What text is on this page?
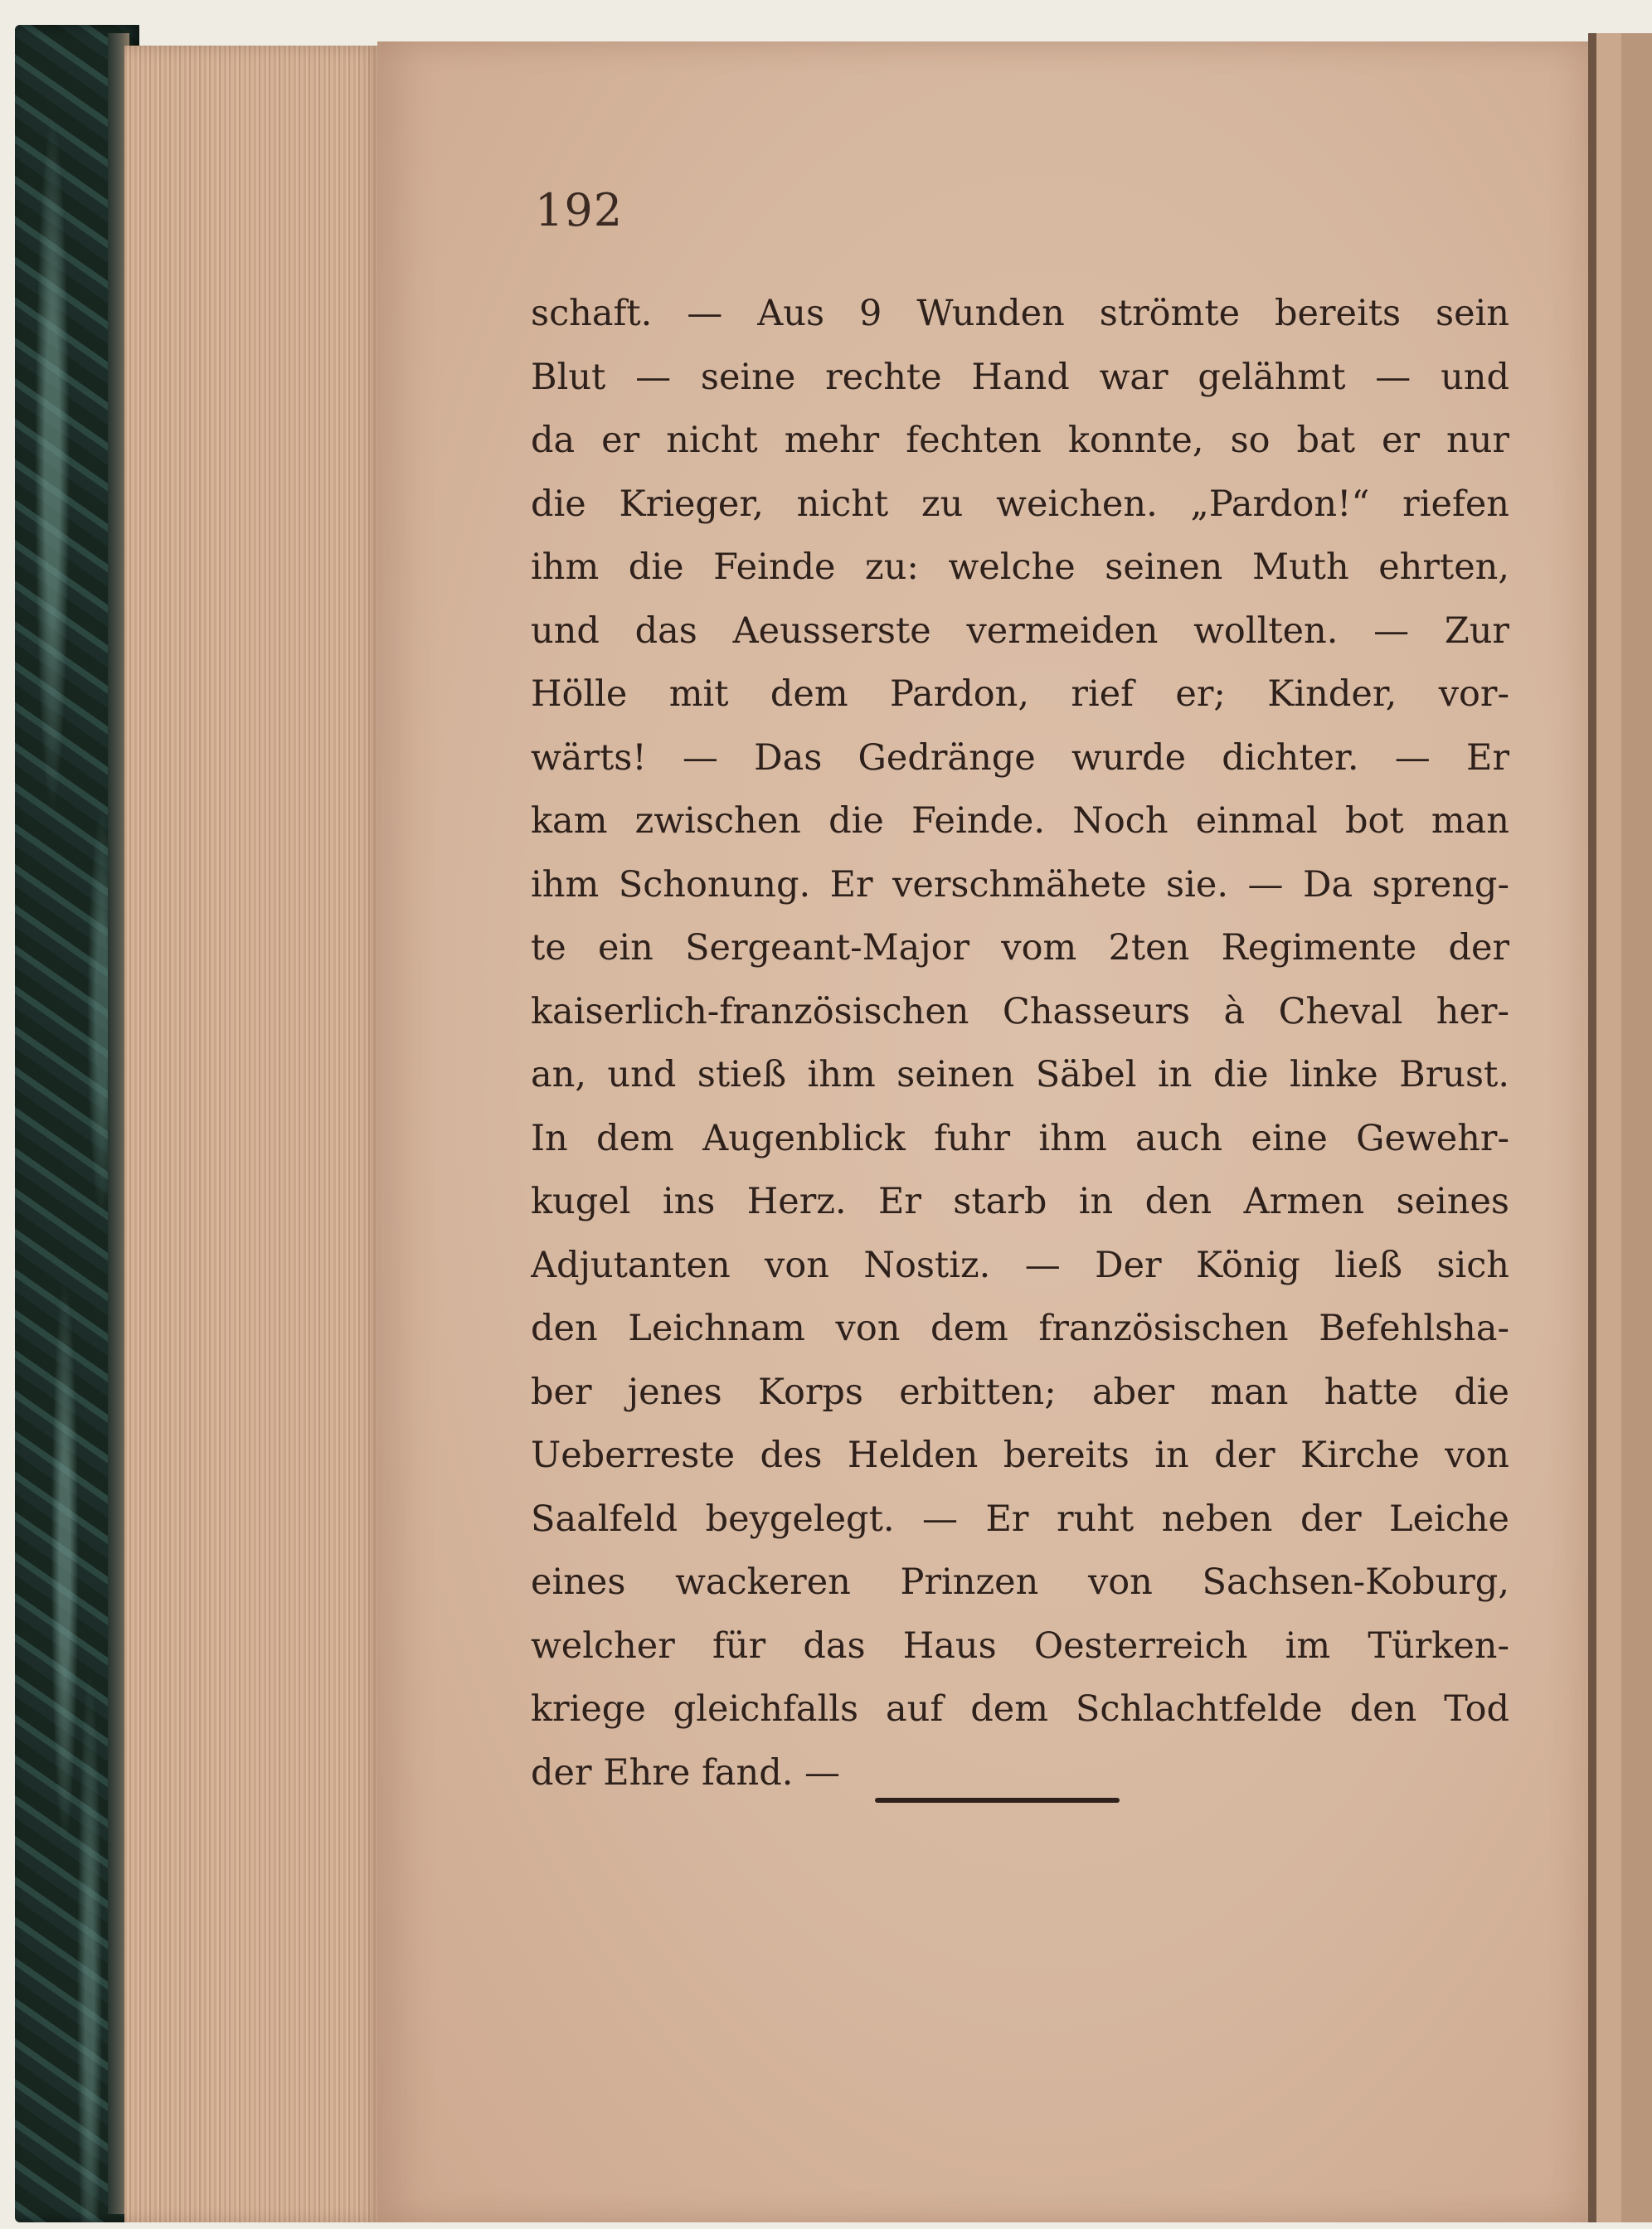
192
schaft. — Aus 9 Wunden strömte bereits sein
Blut — seine rechte Hand war gelähmt — und
da er nicht mehr fechten konnte, so bat er nur
die Krieger, nicht zu weichen. „Pardon!“ riefen
ihm die Feinde zu: welche seinen Muth ehrten,
und das Aeusserste vermeiden wollten. — Zur
Hölle mit dem Pardon, rief er; Kinder, vor-
wärts! — Das Gedränge wurde dichter. — Er
kam zwischen die Feinde. Noch einmal bot man
ihm Schonung. Er verschmähete sie. — Da spreng-
te ein Sergeant-Major vom 2ten Regimente der
kaiserlich-französischen Chasseurs à Cheval her-
an, und stieß ihm seinen Säbel in die linke Brust.
In dem Augenblick fuhr ihm auch eine Gewehr-
kugel ins Herz. Er starb in den Armen seines
Adjutanten von Nostiz. — Der König ließ sich
den Leichnam von dem französischen Befehlsha-
ber jenes Korps erbitten; aber man hatte die
Ueberreste des Helden bereits in der Kirche von
Saalfeld beygelegt. — Er ruht neben der Leiche
eines wackeren Prinzen von Sachsen-Koburg,
welcher für das Haus Oesterreich im Türken-
kriege gleichfalls auf dem Schlachtfelde den Tod
der Ehre fand. —
